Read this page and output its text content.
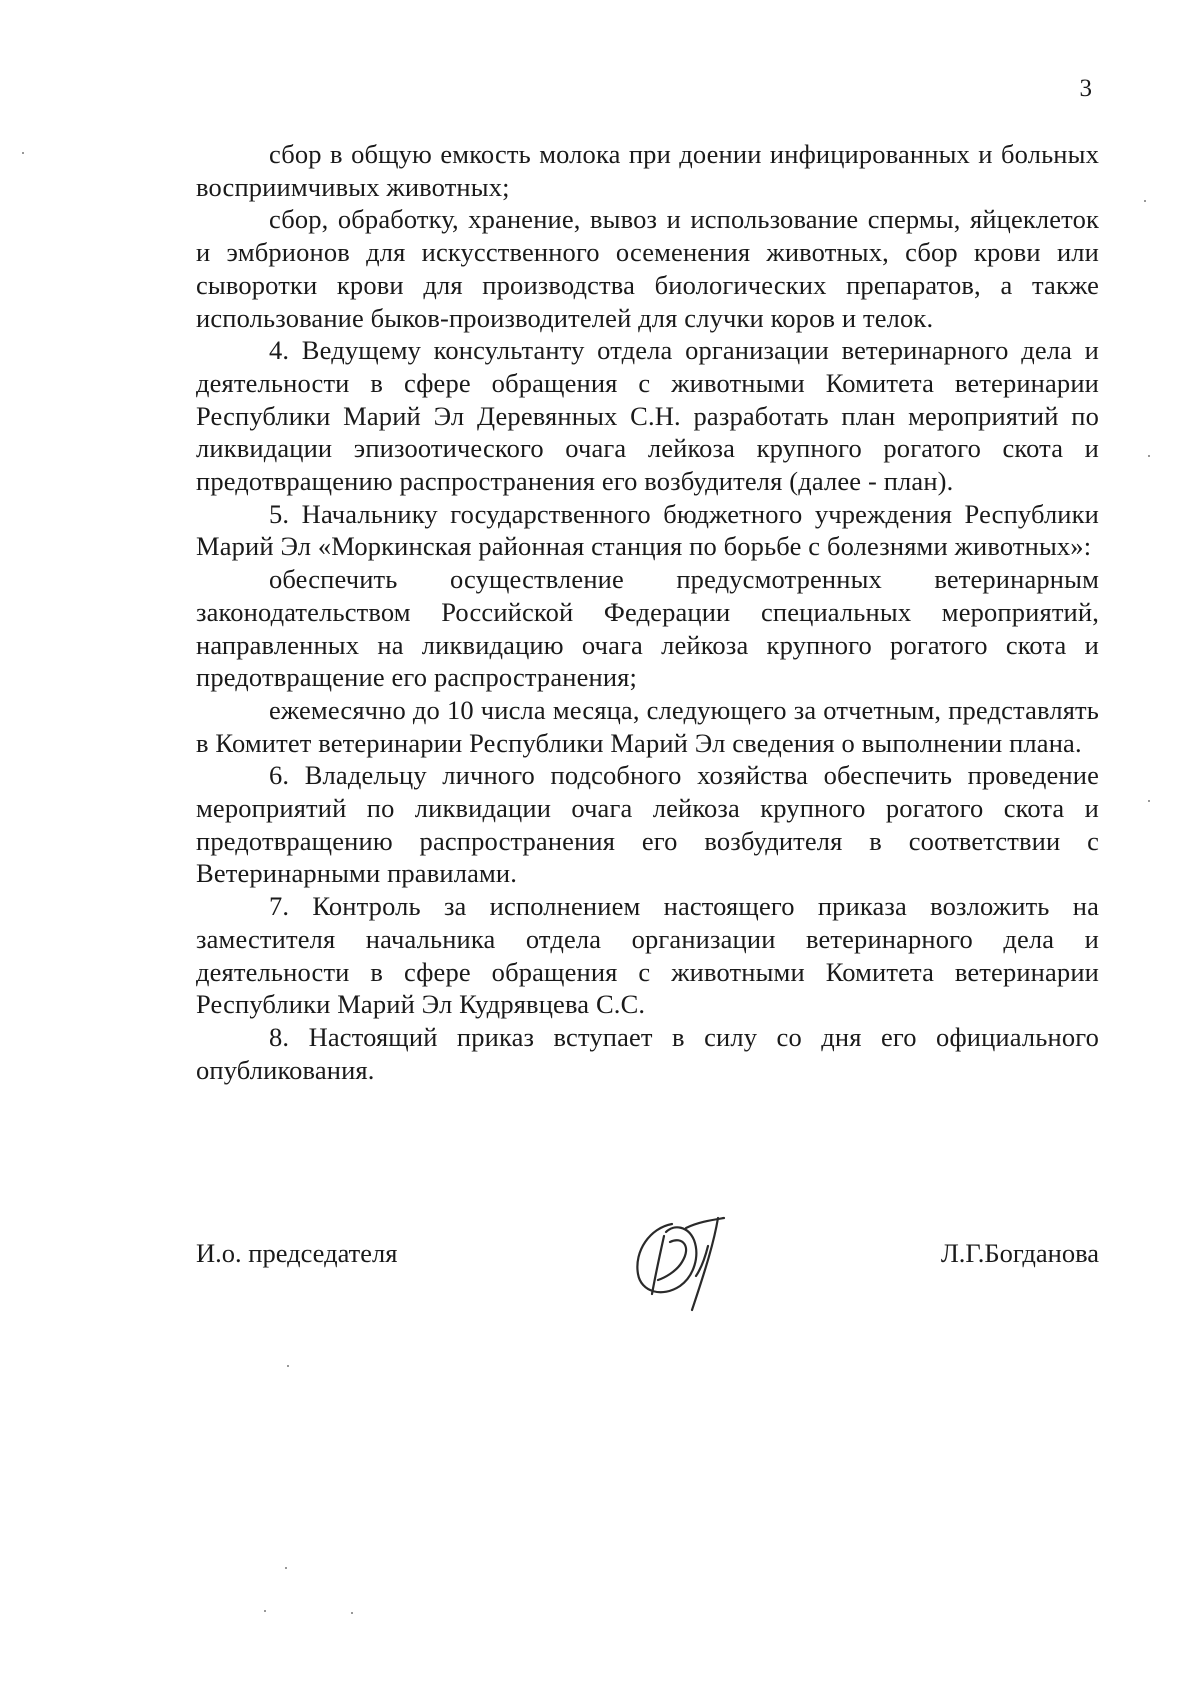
3

сбор в общую емкость молока при доении инфицированных и больных восприимчивых животных;

сбор, обработку, хранение, вывоз и использование спермы, яйцеклеток и эмбрионов для искусственного осеменения животных, сбор крови или сыворотки крови для производства биологических препаратов, а также использование быков-производителей для случки коров и телок.

4. Ведущему консультанту отдела организации ветеринарного дела и деятельности в сфере обращения с животными Комитета ветеринарии Республики Марий Эл Деревянных С.Н. разработать план мероприятий по ликвидации эпизоотического очага лейкоза крупного рогатого скота и предотвращению распространения его возбудителя (далее - план).

5. Начальнику государственного бюджетного учреждения Республики Марий Эл «Моркинская районная станция по борьбе с болезнями животных»:

обеспечить осуществление предусмотренных ветеринарным законодательством Российской Федерации специальных мероприятий, направленных на ликвидацию очага лейкоза крупного рогатого скота и предотвращение его распространения;

ежемесячно до 10 числа месяца, следующего за отчетным, представлять в Комитет ветеринарии Республики Марий Эл сведения о выполнении плана.

6. Владельцу личного подсобного хозяйства обеспечить проведение мероприятий по ликвидации очага лейкоза крупного рогатого скота и предотвращению распространения его возбудителя в соответствии с Ветеринарными правилами.

7. Контроль за исполнением настоящего приказа возложить на заместителя начальника отдела организации ветеринарного дела и деятельности в сфере обращения с животными Комитета ветеринарии Республики Марий Эл Кудрявцева С.С.

8. Настоящий приказ вступает в силу со дня его официального опубликования.

И.о. председателя	Л.Г.Богданова
